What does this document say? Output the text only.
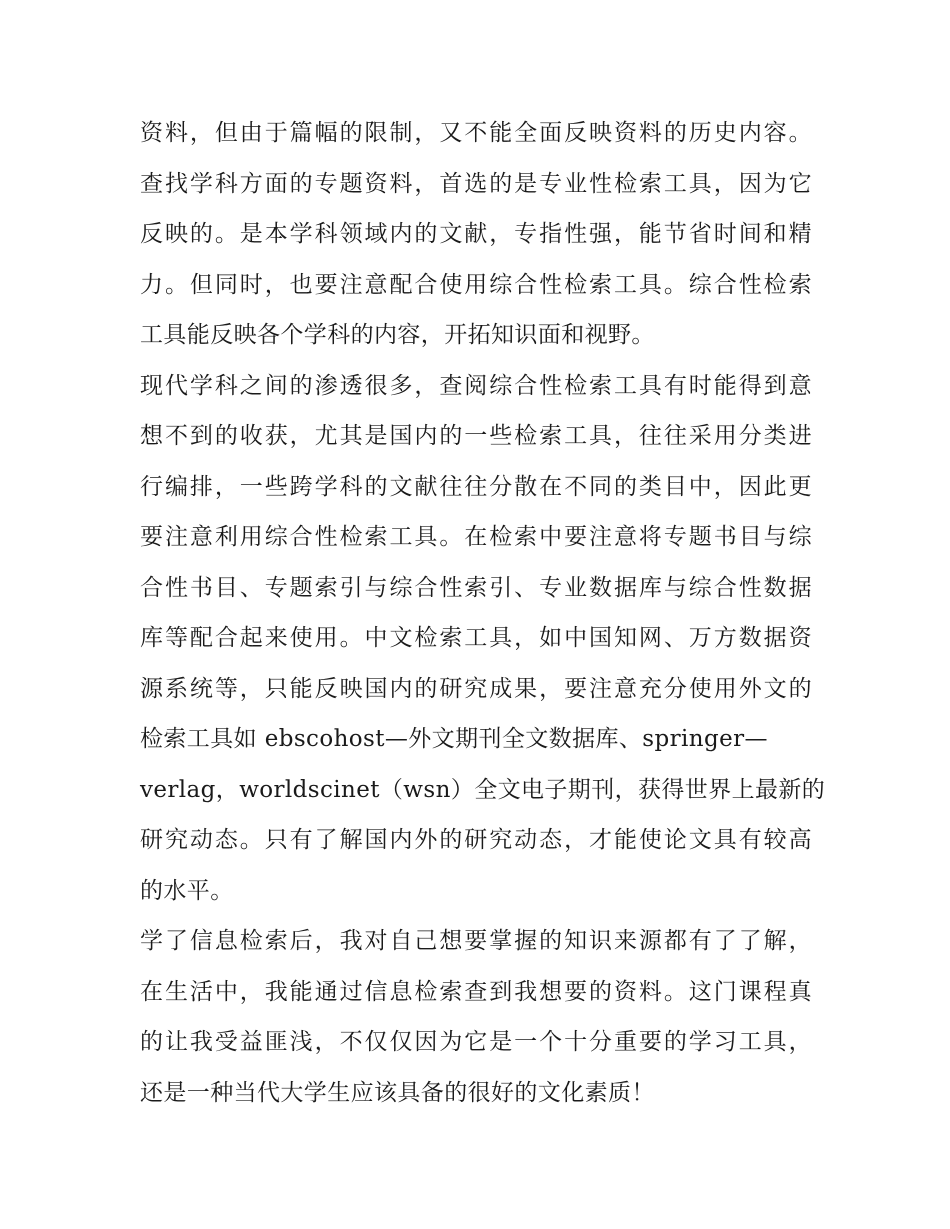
资料，但由于篇幅的限制，又不能全面反映资料的历史内容。
查找学科方面的专题资料，首选的是专业性检索工具，因为它
反映的。是本学科领域内的文献，专指性强，能节省时间和精
力。但同时，也要注意配合使用综合性检索工具。综合性检索
工具能反映各个学科的内容，开拓知识面和视野。
现代学科之间的渗透很多，查阅综合性检索工具有时能得到意
想不到的收获，尤其是国内的一些检索工具，往往采用分类进
行编排，一些跨学科的文献往往分散在不同的类目中，因此更
要注意利用综合性检索工具。在检索中要注意将专题书目与综
合性书目、专题索引与综合性索引、专业数据库与综合性数据
库等配合起来使用。中文检索工具，如中国知网、万方数据资
源系统等，只能反映国内的研究成果，要注意充分使用外文的
检索工具如 ebscohost—外文期刊全文数据库、springer—
verlag，worldscinet（wsn）全文电子期刊，获得世界上最新的
研究动态。只有了解国内外的研究动态，才能使论文具有较高
的水平。
学了信息检索后，我对自己想要掌握的知识来源都有了了解，
在生活中，我能通过信息检索查到我想要的资料。这门课程真
的让我受益匪浅，不仅仅因为它是一个十分重要的学习工具，
还是一种当代大学生应该具备的很好的文化素质！
